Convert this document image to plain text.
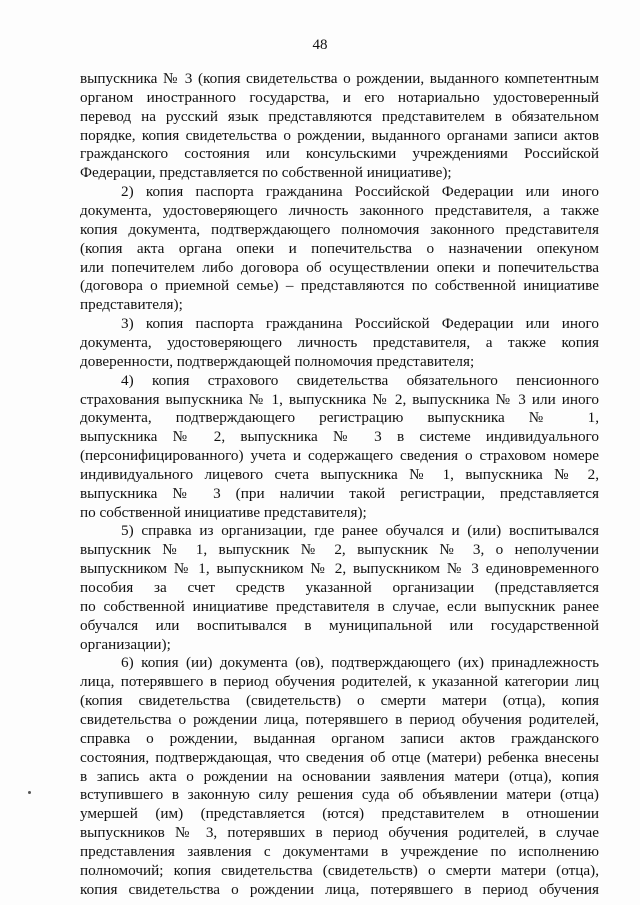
48
выпускника № 3 (копия свидетельства о рождении, выданного компетентным
органом иностранного государства, и его нотариально удостоверенный
перевод на русский язык представляются представителем в обязательном
порядке, копия свидетельства о рождении, выданного органами записи актов
гражданского состояния или консульскими учреждениями Российской
Федерации, представляется по собственной инициативе);
2) копия паспорта гражданина Российской Федерации или иного
документа, удостоверяющего личность законного представителя, а также
копия документа, подтверждающего полномочия законного представителя
(копия акта органа опеки и попечительства о назначении опекуном
или попечителем либо договора об осуществлении опеки и попечительства
(договора о приемной семье) – представляются по собственной инициативе
представителя);
3) копия паспорта гражданина Российской Федерации или иного
документа, удостоверяющего личность представителя, а также копия
доверенности, подтверждающей полномочия представителя;
4) копия страхового свидетельства обязательного пенсионного
страхования выпускника № 1, выпускника № 2, выпускника № 3 или иного
документа, подтверждающего регистрацию выпускника № 1,
выпускника № 2, выпускника № 3 в системе индивидуального
(персонифицированного) учета и содержащего сведения о страховом номере
индивидуального лицевого счета выпускника № 1, выпускника № 2,
выпускника № 3 (при наличии такой регистрации, представляется
по собственной инициативе представителя);
5) справка из организации, где ранее обучался и (или) воспитывался
выпускник № 1, выпускник № 2, выпускник № 3, о неполучении
выпускником № 1, выпускником № 2, выпускником № 3 единовременного
пособия за счет средств указанной организации (представляется
по собственной инициативе представителя в случае, если выпускник ранее
обучался или воспитывался в муниципальной или государственной
организации);
6) копия (ии) документа (ов), подтверждающего (их) принадлежность
лица, потерявшего в период обучения родителей, к указанной категории лиц
(копия свидетельства (свидетельств) о смерти матери (отца), копия
свидетельства о рождении лица, потерявшего в период обучения родителей,
справка о рождении, выданная органом записи актов гражданского
состояния, подтверждающая, что сведения об отце (матери) ребенка внесены
в запись акта о рождении на основании заявления матери (отца), копия
вступившего в законную силу решения суда об объявлении матери (отца)
умершей (им) (представляется (ются) представителем в отношении
выпускников № 3, потерявших в период обучения родителей, в случае
представления заявления с документами в учреждение по исполнению
полномочий; копия свидетельства (свидетельств) о смерти матери (отца),
копия свидетельства о рождении лица, потерявшего в период обучения
